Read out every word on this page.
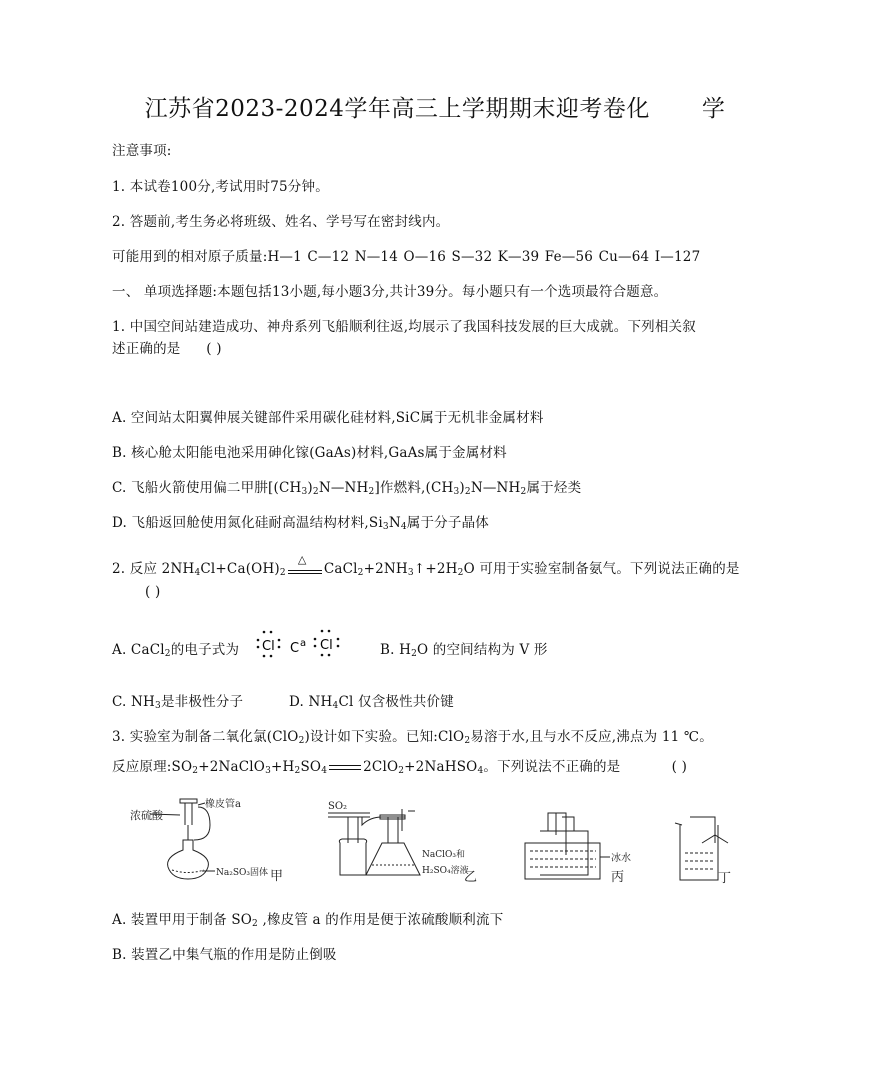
江苏省2023-2024学年高三上学期期末迎考卷化 学
注意事项:
1. 本试卷100分,考试用时75分钟。
2. 答题前,考生务必将班级、姓名、学号写在密封线内。
可能用到的相对原子质量:H—1 C—12 N—14 O—16 S—32 K—39 Fe—56 Cu—64 I—127
一、 单项选择题:本题包括13小题,每小题3分,共计39分。每小题只有一个选项最符合题意。
1. 中国空间站建造成功、神舟系列飞船顺利往返,均展示了我国科技发展的巨大成就。下列相关叙
述正确的是 ( )
A. 空间站太阳翼伸展关键部件采用碳化硅材料,SiC属于无机非金属材料
B. 核心舱太阳能电池采用砷化镓(GaAs)材料,GaAs属于金属材料
C. 飞船火箭使用偏二甲肼$[(CH_3)_2N—NH_2]$作燃料$,(CH_3)_2N—NH_2$属于烃类
D. 飞船返回舱使用氮化硅耐高温结构材料$,Si_3N_4$属于分子晶体
2. 反应 $2NH_4Cl+Ca(OH)_2$
△
$CaCl_2+2NH_3↑+2H_2O$ 可用于实验室制备氨气。下列说法正确的是
( )
A. CaCl$_2$的电子式为 Cl C a Cl	B. $H_2O$ 的空间结构为 V 形
C. $NH_3$是非极性分子	D. $NH_4Cl$ 仅含极性共价键
3. 实验室为制备二氧化氯(ClO$_2$)设计如下实验。已知:ClO$_2$易溶于水,且与水不反应,沸点为 11 ℃。
反应原理$:SO_2+2NaClO_3+H_2SO_4$	2ClO$_2$+2NaHSO$_4$。下列说法不正确的是	( )
浓硫酸
橡皮管a
Na₂SO₃固体 甲
SO₂
NaClO₃和
H₂SO₄溶液
乙
冰水
丙	丁
A. 装置甲用于制备 $SO_2$ ,橡皮管 a 的作用是便于浓硫酸顺利流下
B. 装置乙中集气瓶的作用是防止倒吸
